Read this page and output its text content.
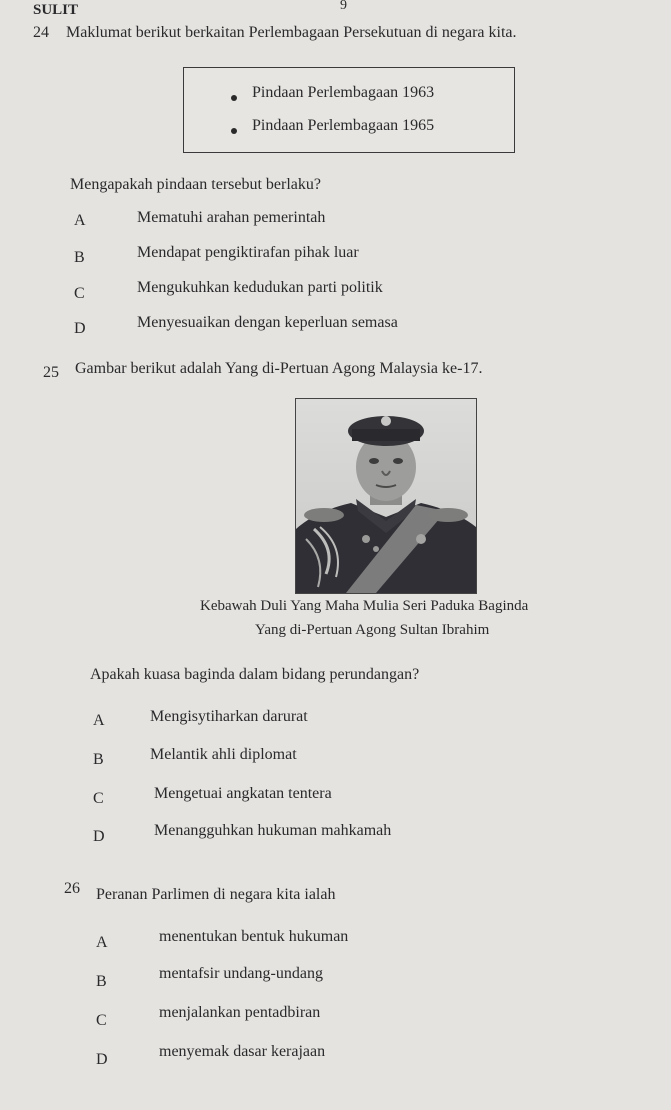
SULIT	9
24 Maklumat berikut berkaitan Perlembagaan Persekutuan di negara kita.
Pindaan Perlembagaan 1963
Pindaan Perlembagaan 1965
Mengapakah pindaan tersebut berlaku?
A	Mematuhi arahan pemerintah
B	Mendapat pengiktirafan pihak luar
C	Mengukuhkan kedudukan parti politik
D	Menyesuaikan dengan keperluan semasa
25 Gambar berikut adalah Yang di-Pertuan Agong Malaysia ke-17.
Kebawah Duli Yang Maha Mulia Seri Paduka Baginda
Yang di-Pertuan Agong Sultan Ibrahim
Apakah kuasa baginda dalam bidang perundangan?
A	Mengisytiharkan darurat
B	Melantik ahli diplomat
C	Mengetuai angkatan tentera
D	Menangguhkan hukuman mahkamah
26 Peranan Parlimen di negara kita ialah
A	menentukan bentuk hukuman
B	mentafsir undang-undang
C	menjalankan pentadbiran
D	menyemak dasar kerajaan
